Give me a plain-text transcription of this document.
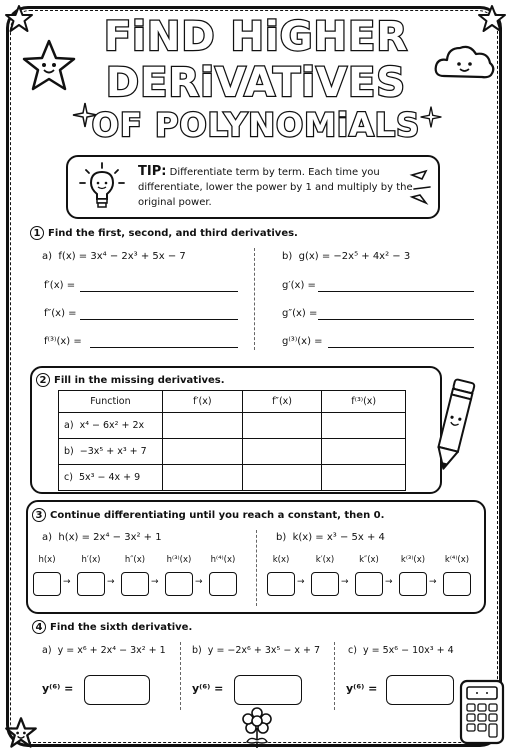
FiND HiGHER
DERiVATiVES
OF POLYNOMiALS
TIP: Differentiate term by term. Each time you differentiate, lower the power by 1 and multiply by the original power.
1 Find the first, second, and third derivatives.
a) f(x) = 3x⁴ − 2x³ + 5x − 7	b) g(x) = −2x⁵ + 4x² − 3
f′(x) =
f″(x) =
f⁽³⁾(x) =
g′(x) =
g″(x) =
g⁽³⁾(x) =
2 Fill in the missing derivatives.
Function	f′(x)	f″(x)	f⁽³⁾(x)
a) x⁴ − 6x² + 2x			
b) −3x⁵ + x³ + 7			
c) 5x³ − 4x + 9			
3 Continue differentiating until you reach a constant, then 0.
a) h(x) = 2x⁴ − 3x² + 1	b) k(x) = x³ − 5x + 4
h(x)	h′(x)	h″(x)	h⁽³⁾(x)	h⁽⁴⁾(x)
→	→	→	→
k(x)	k′(x)	k″(x)	k⁽³⁾(x)	k⁽⁴⁾(x)
→	→	→	→
4 Find the sixth derivative.
a) y = x⁶ + 2x⁴ − 3x² + 1	b) y = −2x⁶ + 3x⁵ − x + 7	c) y = 5x⁶ − 10x³ + 4
y⁽⁶⁾ =	y⁽⁶⁾ =	y⁽⁶⁾ =
